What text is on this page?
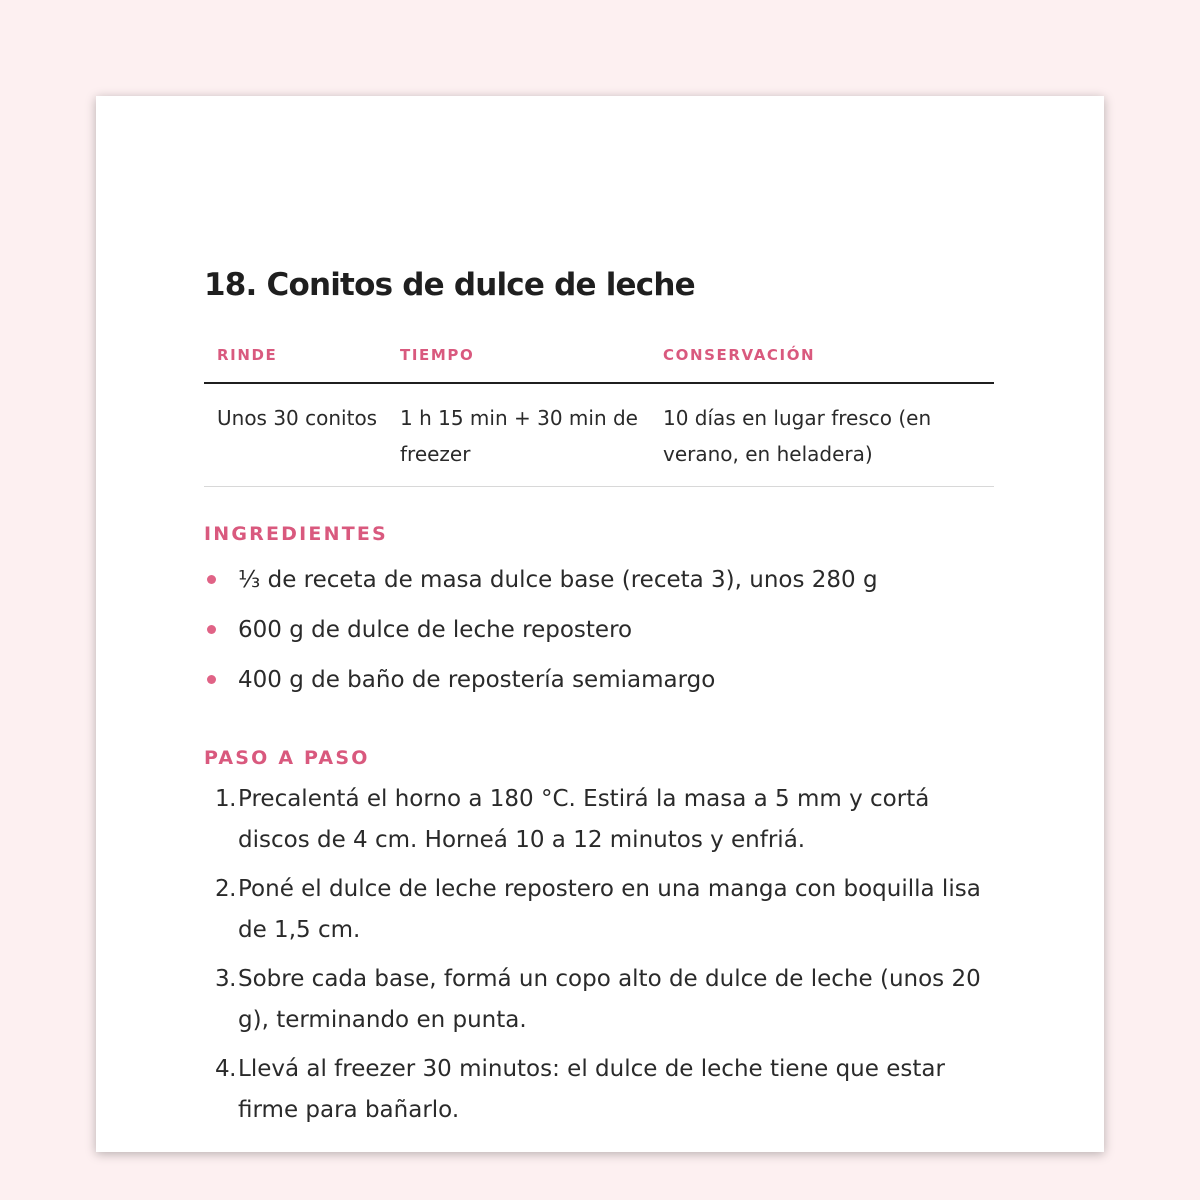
18. Conitos de dulce de leche
RINDE	TIEMPO	CONSERVACIÓN
Unos 30 conitos	1 h 15 min + 30 min de freezer	10 días en lugar fresco (en verano, en heladera)
INGREDIENTES
⅓ de receta de masa dulce base (receta 3), unos 280 g
600 g de dulce de leche repostero
400 g de baño de repostería semiamargo
PASO A PASO
1. Precalentá el horno a 180 °C. Estirá la masa a 5 mm y cortá discos de 4 cm. Horneá 10 a 12 minutos y enfriá.
2. Poné el dulce de leche repostero en una manga con boquilla lisa de 1,5 cm.
3. Sobre cada base, formá un copo alto de dulce de leche (unos 20 g), terminando en punta.
4. Llevá al freezer 30 minutos: el dulce de leche tiene que estar firme para bañarlo.
